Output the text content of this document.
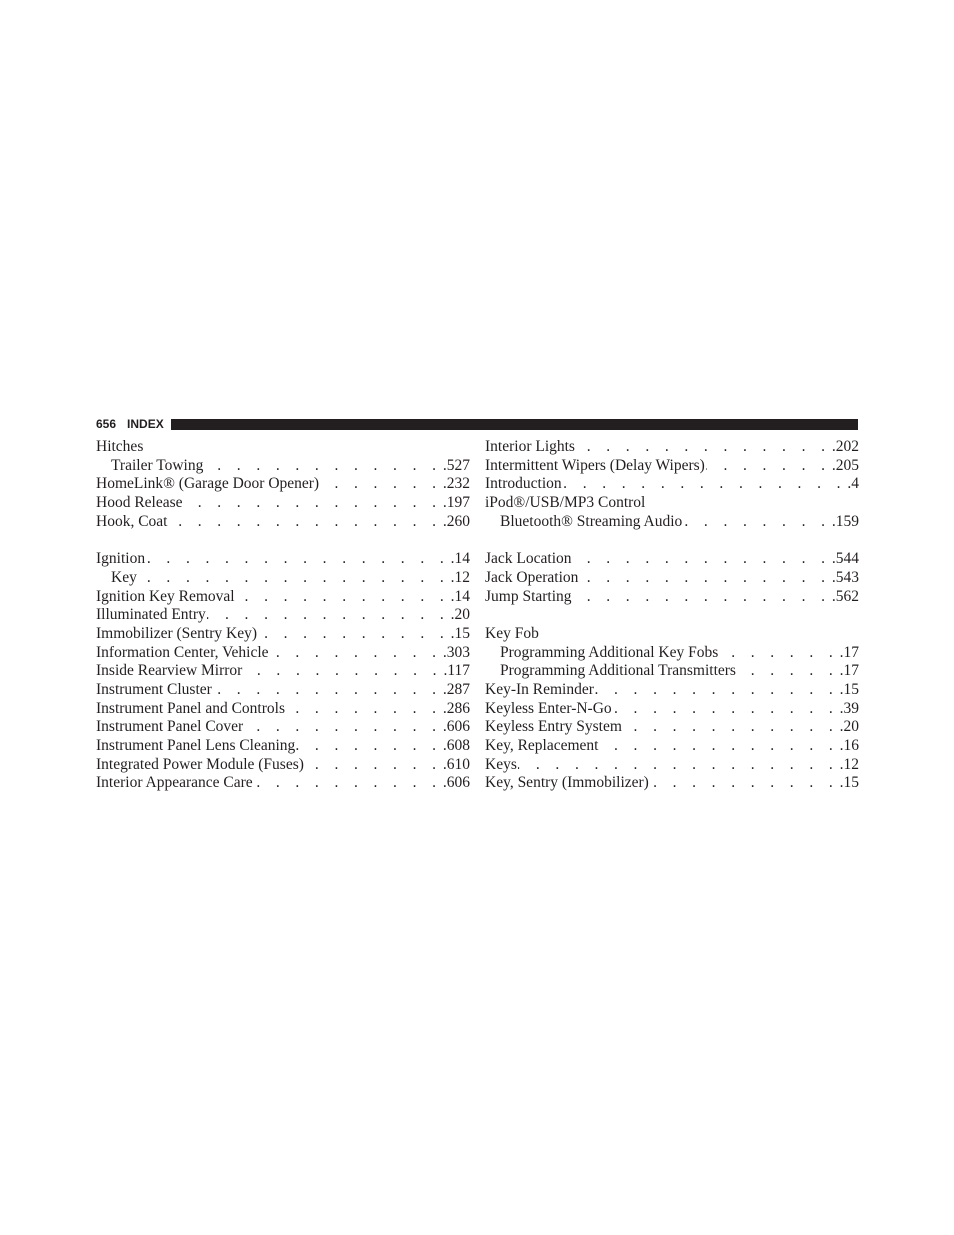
656 INDEX
Hitches
Trailer Towing . . .	.527
HomeLink® (Garage Door Opener) . . .	.232
Hood Release . . .	.197
Hook, Coat . . .	.260
Ignition . . .	.14
Key . . .	.12
Ignition Key Removal . . .	.14
Illuminated Entry . . .	.20
Immobilizer (Sentry Key) . . .	.15
Information Center, Vehicle . . .	.303
Inside Rearview Mirror . . .	.117
Instrument Cluster . . .	.287
Instrument Panel and Controls . . .	.286
Instrument Panel Cover . . .	.606
Instrument Panel Lens Cleaning . . .	.608
Integrated Power Module (Fuses) . . .	.610
Interior Appearance Care . . .	.606
Interior Lights . . .	.202
Intermittent Wipers (Delay Wipers) . . .	.205
Introduction . . .	.4
iPod®/USB/MP3 Control
Bluetooth® Streaming Audio . . .	.159
Jack Location . . .	.544
Jack Operation . . .	.543
Jump Starting . . .	.562
Key Fob
Programming Additional Key Fobs . . .	.17
Programming Additional Transmitters . . .	.17
Key-In Reminder . . .	.15
Keyless Enter-N-Go . . .	.39
Keyless Entry System . . .	.20
Key, Replacement . . .	.16
Keys . . .	.12
Key, Sentry (Immobilizer) . . .	.15
